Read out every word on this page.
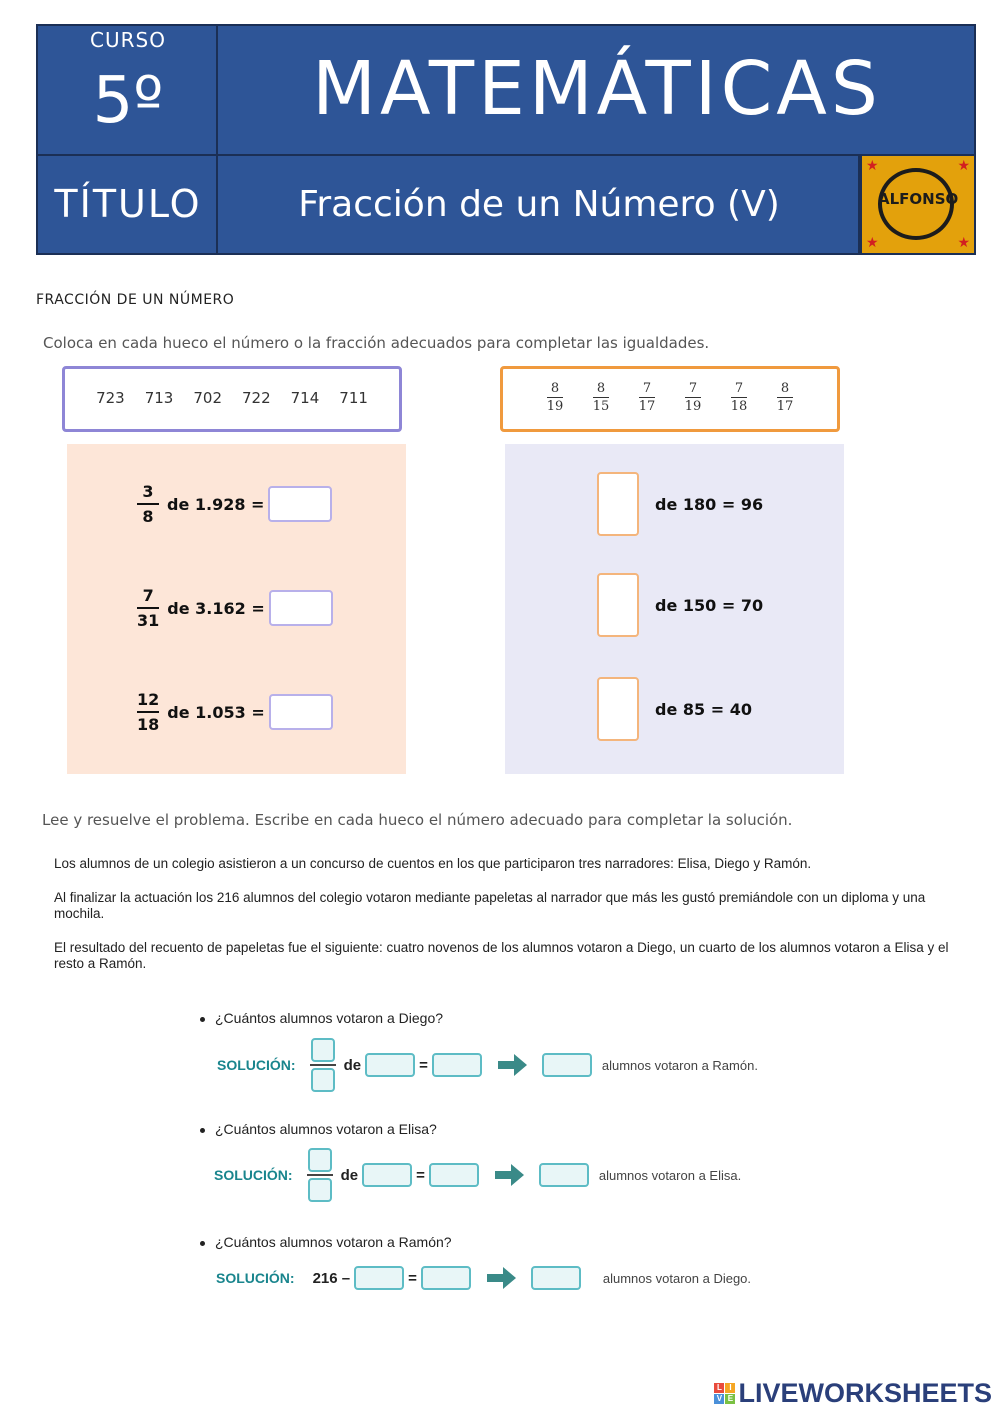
CURSO
5º	MATEMÁTICAS
TÍTULO	Fracción de un Número (V)
★	★
★	★
ALFONSO
FRACCIÓN DE UN NÚMERO
Coloca en cada hueco el número o la fracción adecuados para completar las igualdades.
723 713 702 722 714 711
8
19
8
15
7
17
7
19
7
18
8
17
3
8
de 1.928 =
7
31
de 3.162 =
12
18
de 1.053 =
de 180 = 96
de 150 = 70
de 85 = 40
Lee y resuelve el problema. Escribe en cada hueco el número adecuado para completar la solución.
Los alumnos de un colegio asistieron a un concurso de cuentos en los que participaron tres narradores: Elisa, Diego y Ramón.
Al finalizar la actuación los 216 alumnos del colegio votaron mediante papeletas al narrador que más les gustó premiándole con un diploma y una mochila.
El resultado del recuento de papeletas fue el siguiente: cuatro novenos de los alumnos votaron a Diego, un cuarto de los alumnos votaron a Elisa y el resto a Ramón.
¿Cuántos alumnos votaron a Diego?
SOLUCIÓN:	de	=	alumnos votaron a Ramón.
¿Cuántos alumnos votaron a Elisa?
SOLUCIÓN:	de	=	alumnos votaron a Elisa.
¿Cuántos alumnos votaron a Ramón?
SOLUCIÓN: 216 –	=	alumnos votaron a Diego.
L I
V E LIVEWORKSHEETS
